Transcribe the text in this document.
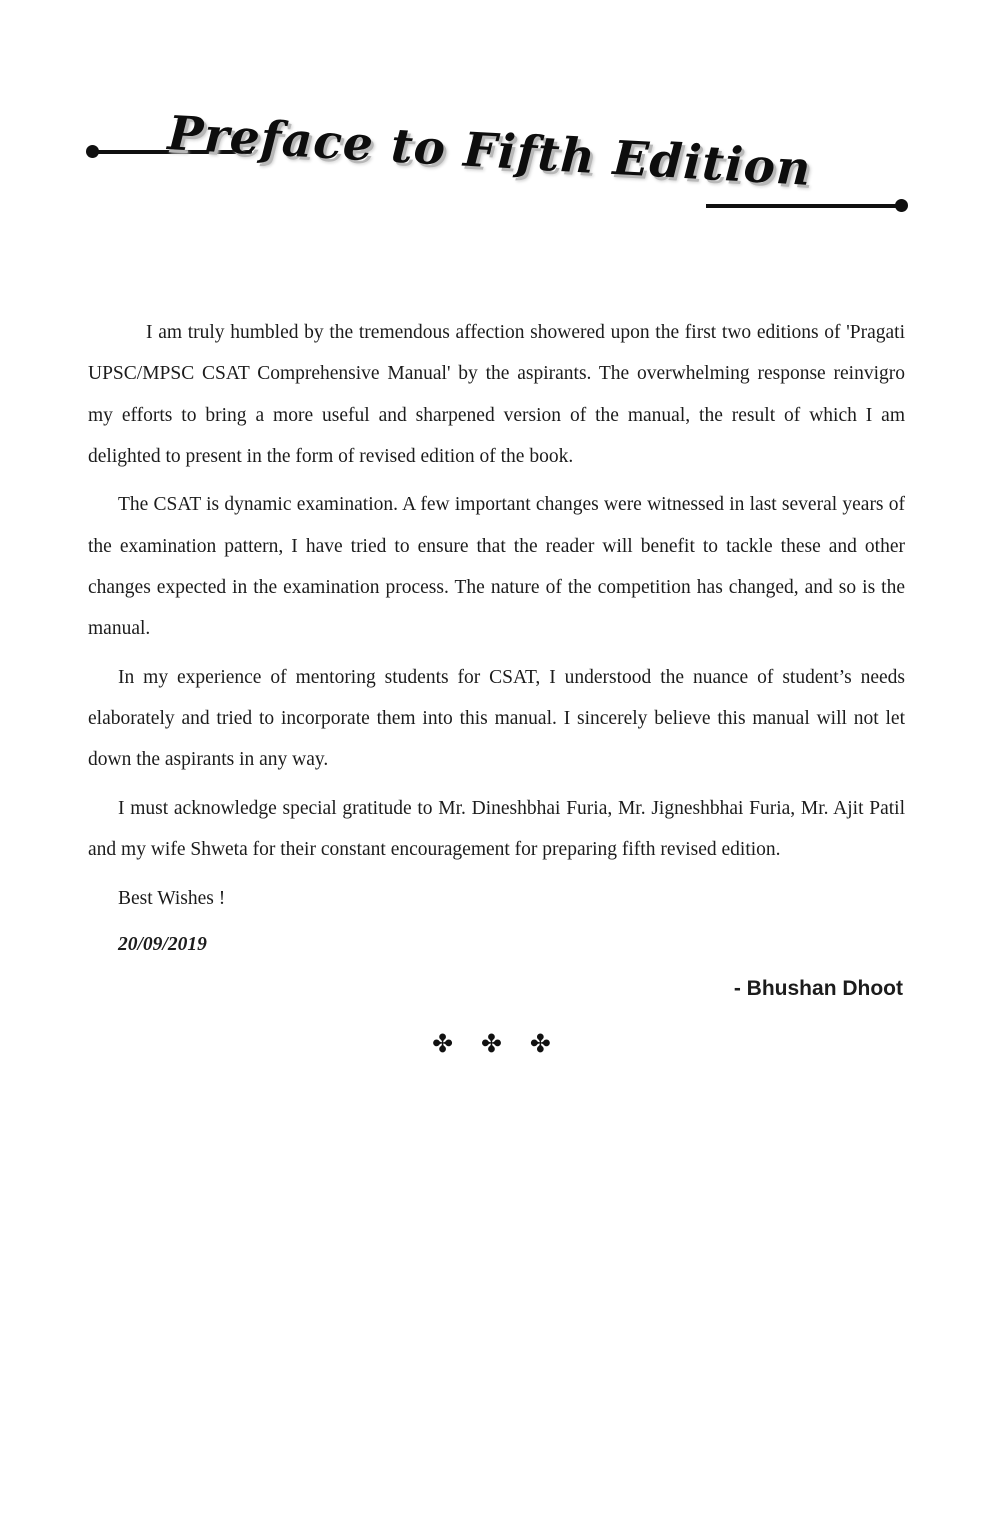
Preface to Fifth Edition

I am truly humbled by the tremendous affection showered upon the first two editions of 'Pragati UPSC/MPSC CSAT Comprehensive Manual' by the aspirants. The overwhelming response reinvigro my efforts to bring a more useful and sharpened version of the manual, the result of which I am delighted to present in the form of revised edition of the book.

The CSAT is dynamic examination. A few important changes were witnessed in last several years of the examination pattern, I have tried to ensure that the reader will benefit to tackle these and other changes expected in the examination process. The nature of the competition has changed, and so is the manual.

In my experience of mentoring students for CSAT, I understood the nuance of student’s needs elaborately and tried to incorporate them into this manual. I sincerely believe this manual will not let down the aspirants in any way.

I must acknowledge special gratitude to Mr. Dineshbhai Furia, Mr. Jigneshbhai Furia, Mr. Ajit Patil and my wife Shweta for their constant encouragement for preparing fifth revised edition.

Best Wishes !

20/09/2019

- Bhushan Dhoot

✤ ✤ ✤
